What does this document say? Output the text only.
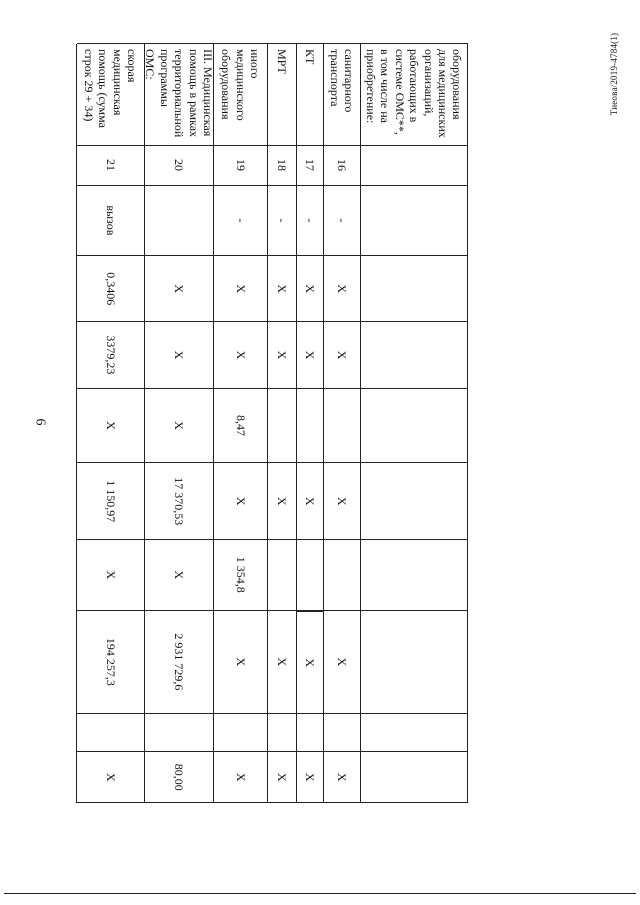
6
Тиеова/2019-4784(1)
оборудования для медицинских организаций, работающих в системе ОМС**, в том числе на приобретение:
санитарного транспорта
16
-
X
X
X
X
X
КТ
17
-
X
X
X
X
X
МРТ
18
-
X
X
X
X
X
иного медицинского оборудования
19
-
X
X
8,47
X
1 354,8
X
X
III. Медицинская помощь в рамках территориальной программы ОМС:
20
X
X
X
17 370,53
X
2 931 729,6
80,00
скорая медицинская помощь (сумма строк 29 + 34)
21
вызов
0,3406
3379,23
X
1 150,97
X
194 257,3
X
